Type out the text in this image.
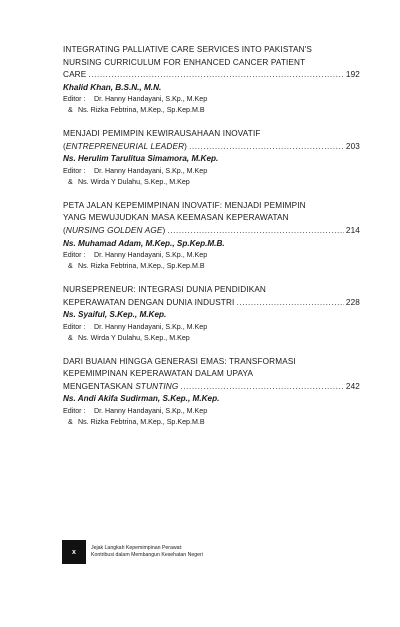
INTEGRATING PALLIATIVE CARE SERVICES INTO PAKISTAN'S
NURSING CURRICULUM FOR ENHANCED CANCER PATIENT
CARE .....	192
Khalid Khan, B.S.N., M.N.
Editor : Dr. Hanny Handayani, S.Kp., M.Kep
& Ns. Rizka Febtrina, M.Kep., Sp.Kep.M.B
MENJADI PEMIMPIN KEWIRAUSAHAAN INOVATIF
(ENTREPRENEURIAL LEADER) .....	203
Ns. Herulim Tarulitua Simamora, M.Kep.
Editor : Dr. Hanny Handayani, S.Kp., M.Kep
& Ns. Wirda Y Dulahu, S.Kep., M.Kep
PETA JALAN KEPEMIMPINAN INOVATIF: MENJADI PEMIMPIN
YANG MEWUJUDKAN MASA KEEMASAN KEPERAWATAN
(NURSING GOLDEN AGE) .....	214
Ns. Muhamad Adam, M.Kep., Sp.Kep.M.B.
Editor : Dr. Hanny Handayani, S.Kp., M.Kep
& Ns. Rizka Febtrina, M.Kep., Sp.Kep.M.B
NURSEPRENEUR: INTEGRASI DUNIA PENDIDIKAN
KEPERAWATAN DENGAN DUNIA INDUSTRI .....	228
Ns. Syaiful, S.Kep., M.Kep.
Editor : Dr. Hanny Handayani, S.Kp., M.Kep
& Ns. Wirda Y Dulahu, S.Kep., M.Kep
DARI BUAIAN HINGGA GENERASI EMAS: TRANSFORMASI
KEPEMIMPINAN KEPERAWATAN DALAM UPAYA
MENGENTASKAN STUNTING .....	242
Ns. Andi Akifa Sudirman, S.Kep., M.Kep.
Editor : Dr. Hanny Handayani, S.Kp., M.Kep
& Ns. Rizka Febtrina, M.Kep., Sp.Kep.M.B
x
Jejak Langkah Kepemimpinan Perawat:
Kontribusi dalam Membangun Kesehatan Negeri
